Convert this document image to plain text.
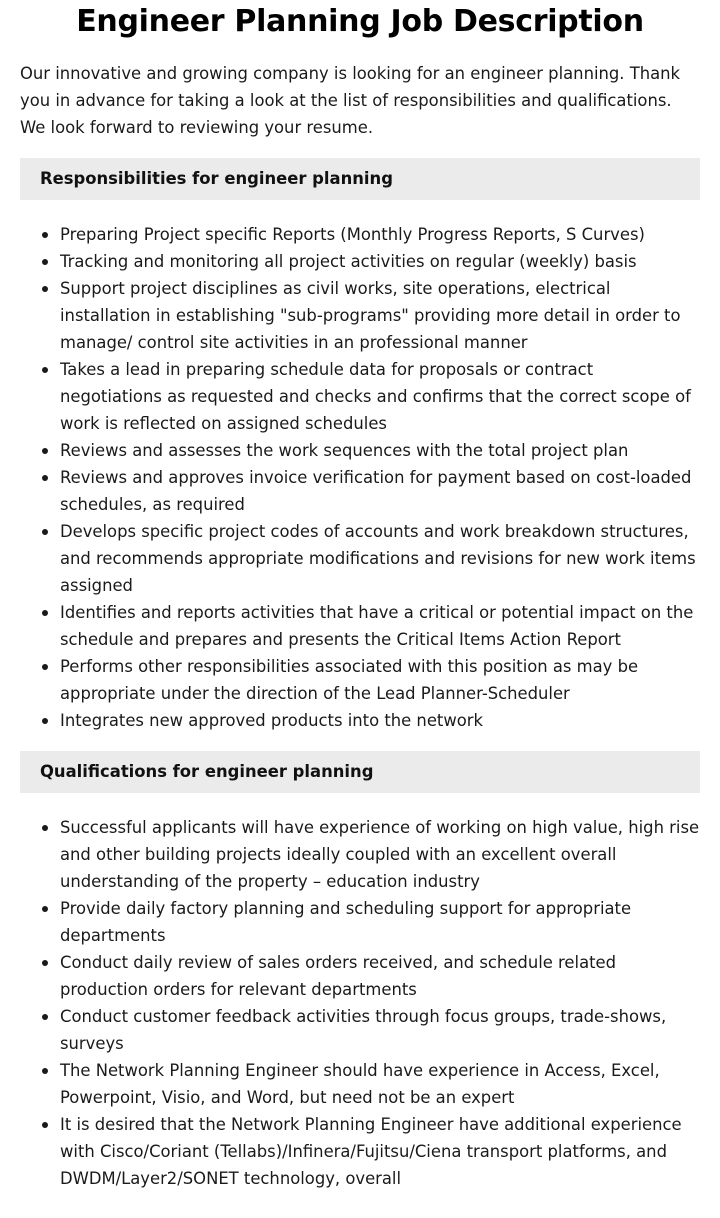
Engineer Planning Job Description

Our innovative and growing company is looking for an engineer planning. Thank you in advance for taking a look at the list of responsibilities and qualifications. We look forward to reviewing your resume.

Responsibilities for engineer planning
Preparing Project specific Reports (Monthly Progress Reports, S Curves)
Tracking and monitoring all project activities on regular (weekly) basis
Support project disciplines as civil works, site operations, electrical installation in establishing "sub-programs" providing more detail in order to manage/ control site activities in an professional manner
Takes a lead in preparing schedule data for proposals or contract negotiations as requested and checks and confirms that the correct scope of work is reflected on assigned schedules
Reviews and assesses the work sequences with the total project plan
Reviews and approves invoice verification for payment based on cost-loaded schedules, as required
Develops specific project codes of accounts and work breakdown structures, and recommends appropriate modifications and revisions for new work items assigned
Identifies and reports activities that have a critical or potential impact on the schedule and prepares and presents the Critical Items Action Report
Performs other responsibilities associated with this position as may be appropriate under the direction of the Lead Planner-Scheduler
Integrates new approved products into the network
Qualifications for engineer planning
Successful applicants will have experience of working on high value, high rise and other building projects ideally coupled with an excellent overall understanding of the property – education industry
Provide daily factory planning and scheduling support for appropriate departments
Conduct daily review of sales orders received, and schedule related production orders for relevant departments
Conduct customer feedback activities through focus groups, trade-shows, surveys
The Network Planning Engineer should have experience in Access, Excel, Powerpoint, Visio, and Word, but need not be an expert
It is desired that the Network Planning Engineer have additional experience with Cisco/Coriant (Tellabs)/Infinera/Fujitsu/Ciena transport platforms, and DWDM/Layer2/SONET technology, overall
